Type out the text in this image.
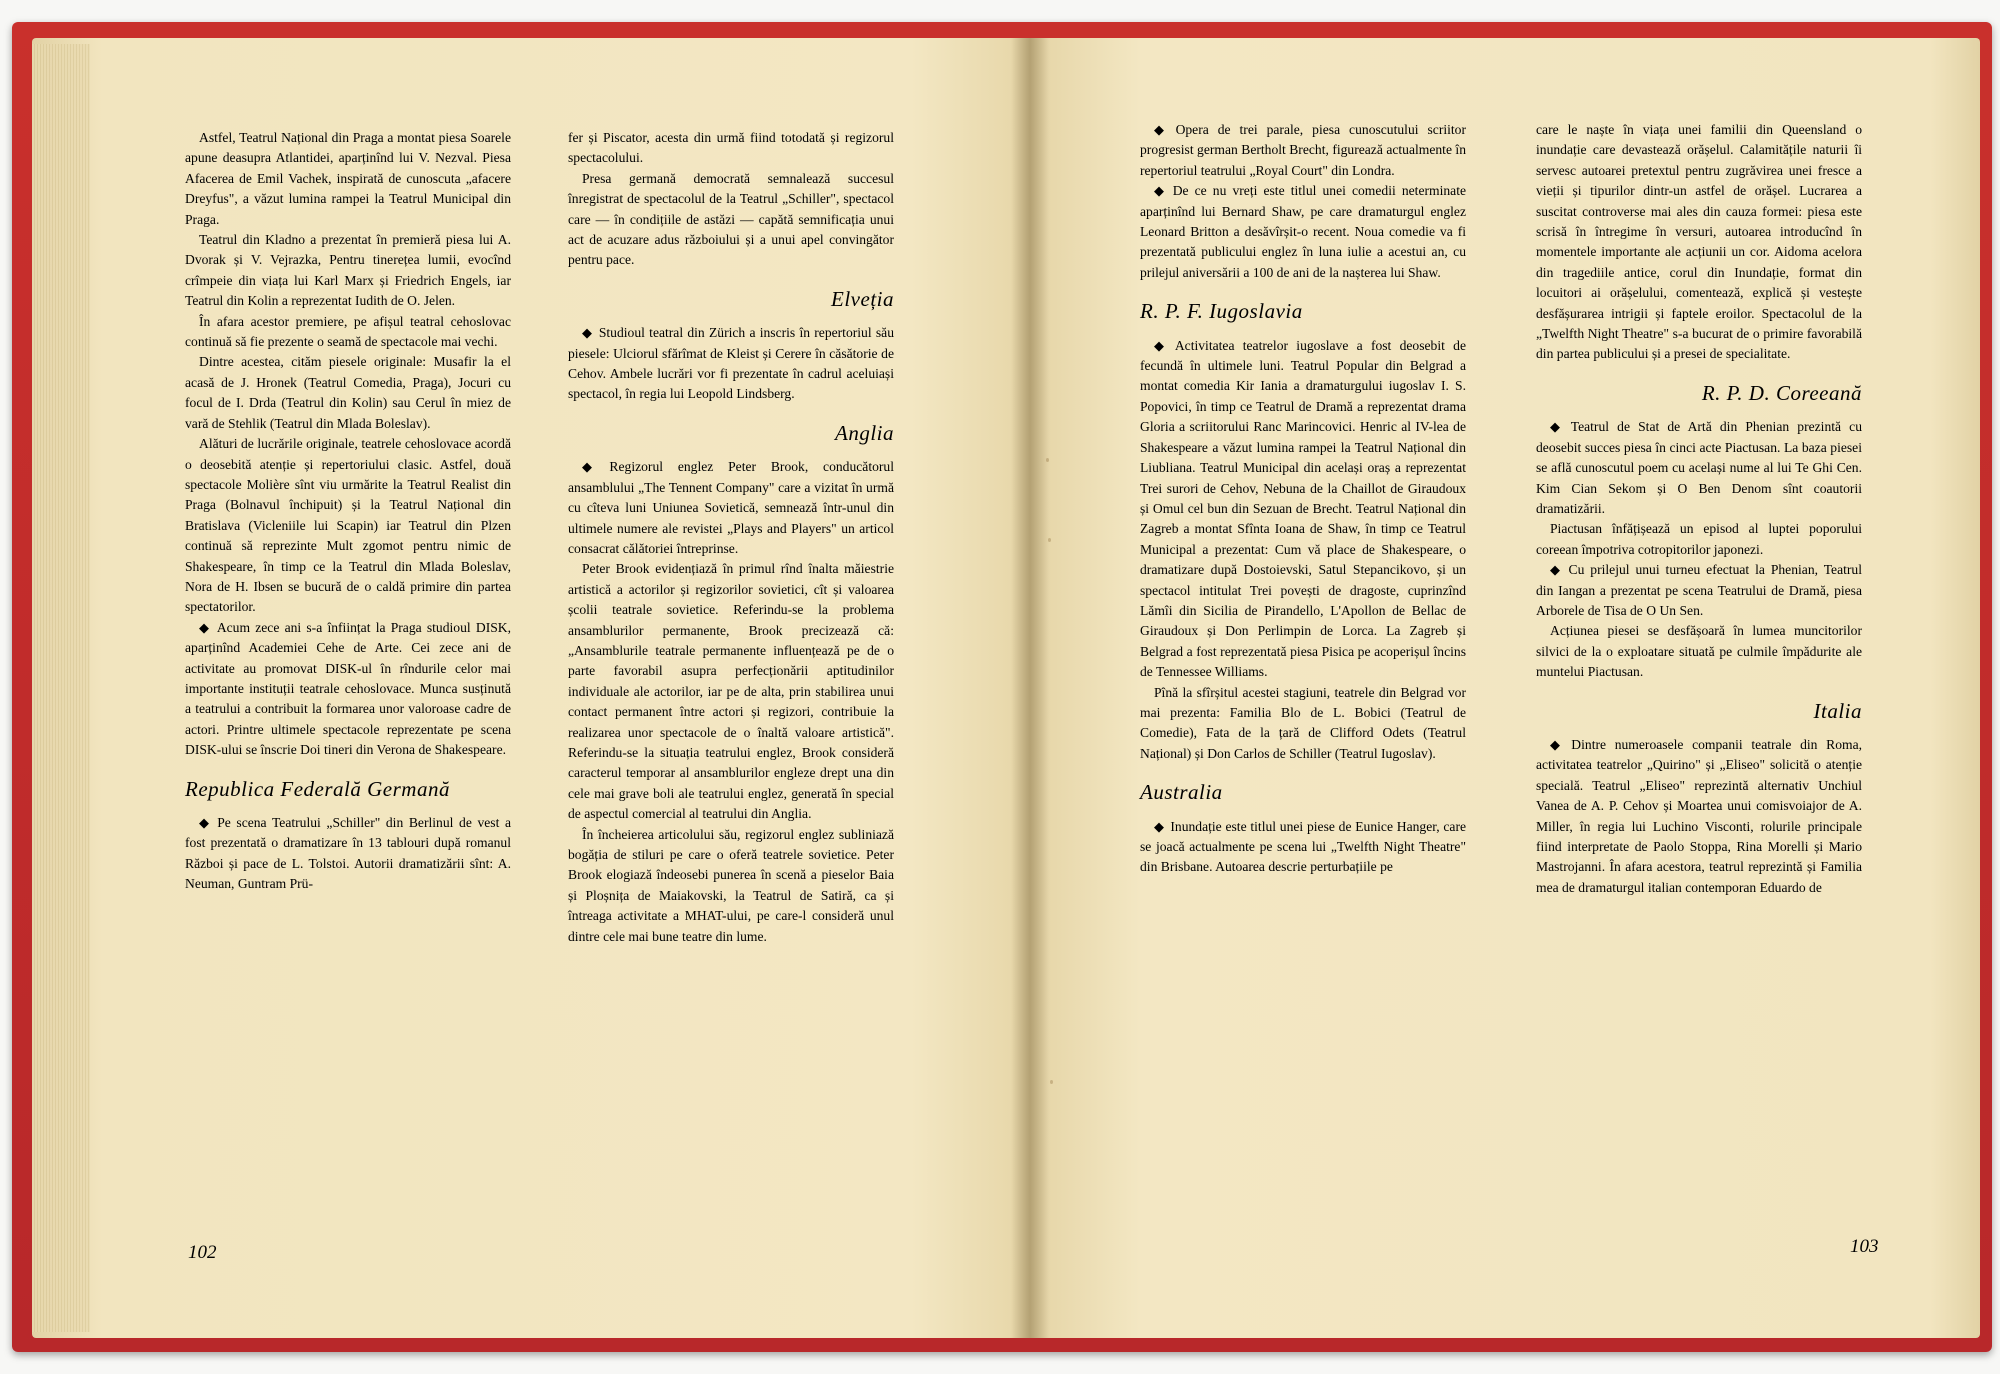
Astfel, Teatrul Național din Praga a montat piesa Soarele apune deasupra Atlantidei, aparținînd lui V. Nezval. Piesa Afacerea de Emil Vachek, inspirată de cunoscuta „afacere Dreyfus", a văzut lumina rampei la Teatrul Municipal din Praga.

Teatrul din Kladno a prezentat în premieră piesa lui A. Dvorak și V. Vejrazka, Pentru tinerețea lumii, evocînd crîmpeie din viața lui Karl Marx și Friedrich Engels, iar Teatrul din Kolin a reprezentat Iudith de O. Jelen.

În afara acestor premiere, pe afișul teatral cehoslovac continuă să fie prezente o seamă de spectacole mai vechi.

Dintre acestea, cităm piesele originale: Musafir la el acasă de J. Hronek (Teatrul Comedia, Praga), Jocuri cu focul de I. Drda (Teatrul din Kolin) sau Cerul în miez de vară de Stehlik (Teatrul din Mlada Boleslav).

Alături de lucrările originale, teatrele cehoslovace acordă o deosebită atenție și repertoriului clasic. Astfel, două spectacole Molière sînt viu urmărite la Teatrul Realist din Praga (Bolnavul închipuit) și la Teatrul Național din Bratislava (Vicleniile lui Scapin) iar Teatrul din Plzen continuă să reprezinte Mult zgomot pentru nimic de Shakespeare, în timp ce la Teatrul din Mlada Boleslav, Nora de H. Ibsen se bucură de o caldă primire din partea spectatorilor.

◆ Acum zece ani s-a înființat la Praga studioul DISK, aparținînd Academiei Cehe de Arte. Cei zece ani de activitate au promovat DISK-ul în rîndurile celor mai importante instituții teatrale cehoslovace. Munca susținută a teatrului a contribuit la formarea unor valoroase cadre de actori. Printre ultimele spectacole reprezentate pe scena DISK-ului se înscrie Doi tineri din Verona de Shakespeare.

Republica Federală Germană

◆ Pe scena Teatrului „Schiller" din Berlinul de vest a fost prezentată o dramatizare în 13 tablouri după romanul Război și pace de L. Tolstoi. Autorii dramatizării sînt: A. Neuman, Guntram Prü-

fer și Piscator, acesta din urmă fiind totodată și regizorul spectacolului.

Presa germană democrată semnalează succesul înregistrat de spectacolul de la Teatrul „Schiller", spectacol care — în condițiile de astăzi — capătă semnificația unui act de acuzare adus războiului și a unui apel convingător pentru pace.

Elveția

◆ Studioul teatral din Zürich a inscris în repertoriul său piesele: Ulciorul sfărîmat de Kleist și Cerere în căsătorie de Cehov. Ambele lucrări vor fi prezentate în cadrul aceluiași spectacol, în regia lui Leopold Lindsberg.

Anglia

◆ Regizorul englez Peter Brook, conducătorul ansamblului „The Tennent Company" care a vizitat în urmă cu cîteva luni Uniunea Sovietică, semnează într-unul din ultimele numere ale revistei „Plays and Players" un articol consacrat călătoriei întreprinse.

Peter Brook evidențiază în primul rînd înalta măiestrie artistică a actorilor și regizorilor sovietici, cît și valoarea școlii teatrale sovietice. Referindu-se la problema ansamblurilor permanente, Brook precizează că: „Ansamblurile teatrale permanente influențează pe de o parte favorabil asupra perfecționării aptitudinilor individuale ale actorilor, iar pe de alta, prin stabilirea unui contact permanent între actori și regizori, contribuie la realizarea unor spectacole de o înaltă valoare artistică". Referindu-se la situația teatrului englez, Brook consideră caracterul temporar al ansamblurilor engleze drept una din cele mai grave boli ale teatrului englez, generată în special de aspectul comercial al teatrului din Anglia.

În încheierea articolului său, regizorul englez subliniază bogăția de stiluri pe care o oferă teatrele sovietice. Peter Brook elogiază îndeosebi punerea în scenă a pieselor Baia și Ploșnița de Maiakovski, la Teatrul de Satiră, ca și întreaga activitate a MHAT-ului, pe care-l consideră unul dintre cele mai bune teatre din lume.

102

◆ Opera de trei parale, piesa cunoscutului scriitor progresist german Bertholt Brecht, figurează actualmente în repertoriul teatrului „Royal Court" din Londra.

◆ De ce nu vreți este titlul unei comedii neterminate aparținînd lui Bernard Shaw, pe care dramaturgul englez Leonard Britton a desăvîrșit-o recent. Noua comedie va fi prezentată publicului englez în luna iulie a acestui an, cu prilejul aniversării a 100 de ani de la nașterea lui Shaw.

R. P. F. Iugoslavia

◆ Activitatea teatrelor iugoslave a fost deosebit de fecundă în ultimele luni. Teatrul Popular din Belgrad a montat comedia Kir Iania a dramaturgului iugoslav I. S. Popovici, în timp ce Teatrul de Dramă a reprezentat drama Gloria a scriitorului Ranc Marincovici. Henric al IV-lea de Shakespeare a văzut lumina rampei la Teatrul Național din Liubliana. Teatrul Municipal din același oraș a reprezentat Trei surori de Cehov, Nebuna de la Chaillot de Giraudoux și Omul cel bun din Sezuan de Brecht. Teatrul Național din Zagreb a montat Sfînta Ioana de Shaw, în timp ce Teatrul Municipal a prezentat: Cum vă place de Shakespeare, o dramatizare după Dostoievski, Satul Stepancikovo, și un spectacol intitulat Trei povești de dragoste, cuprinzînd Lămîi din Sicilia de Pirandello, L'Apollon de Bellac de Giraudoux și Don Perlimpin de Lorca. La Zagreb și Belgrad a fost reprezentată piesa Pisica pe acoperișul încins de Tennessee Williams.

Pînă la sfîrșitul acestei stagiuni, teatrele din Belgrad vor mai prezenta: Familia Blo de L. Bobici (Teatrul de Comedie), Fata de la țară de Clifford Odets (Teatrul Național) și Don Carlos de Schiller (Teatrul Iugoslav).

Australia

◆ Inundație este titlul unei piese de Eunice Hanger, care se joacă actualmente pe scena lui „Twelfth Night Theatre" din Brisbane. Autoarea descrie perturbațiile pe

care le naște în viața unei familii din Queensland o inundație care devastează orășelul. Calamitățile naturii îi servesc autoarei pretextul pentru zugrăvirea unei fresce a vieții și tipurilor dintr-un astfel de orășel. Lucrarea a suscitat controverse mai ales din cauza formei: piesa este scrisă în întregime în versuri, autoarea introducînd în momentele importante ale acțiunii un cor. Aidoma acelora din tragediile antice, corul din Inundație, format din locuitori ai orășelului, comentează, explică și vestește desfășurarea intrigii și faptele eroilor. Spectacolul de la „Twelfth Night Theatre" s-a bucurat de o primire favorabilă din partea publicului și a presei de specialitate.

R. P. D. Coreeană

◆ Teatrul de Stat de Artă din Phenian prezintă cu deosebit succes piesa în cinci acte Piactusan. La baza piesei se află cunoscutul poem cu același nume al lui Te Ghi Cen. Kim Cian Sekom și O Ben Denom sînt coautorii dramatizării.

Piactusan înfățișează un episod al luptei poporului coreean împotriva cotropitorilor japonezi.

◆ Cu prilejul unui turneu efectuat la Phenian, Teatrul din Iangan a prezentat pe scena Teatrului de Dramă, piesa Arborele de Tisa de O Un Sen.

Acțiunea piesei se desfășoară în lumea muncitorilor silvici de la o exploatare situată pe culmile împădurite ale muntelui Piactusan.

Italia

◆ Dintre numeroasele companii teatrale din Roma, activitatea teatrelor „Quirino" și „Eliseo" solicită o atenție specială. Teatrul „Eliseo" reprezintă alternativ Unchiul Vanea de A. P. Cehov și Moartea unui comisvoiajor de A. Miller, în regia lui Luchino Visconti, rolurile principale fiind interpretate de Paolo Stoppa, Rina Morelli și Mario Mastrojanni. În afara acestora, teatrul reprezintă și Familia mea de dramaturgul italian contemporan Eduardo de

103
